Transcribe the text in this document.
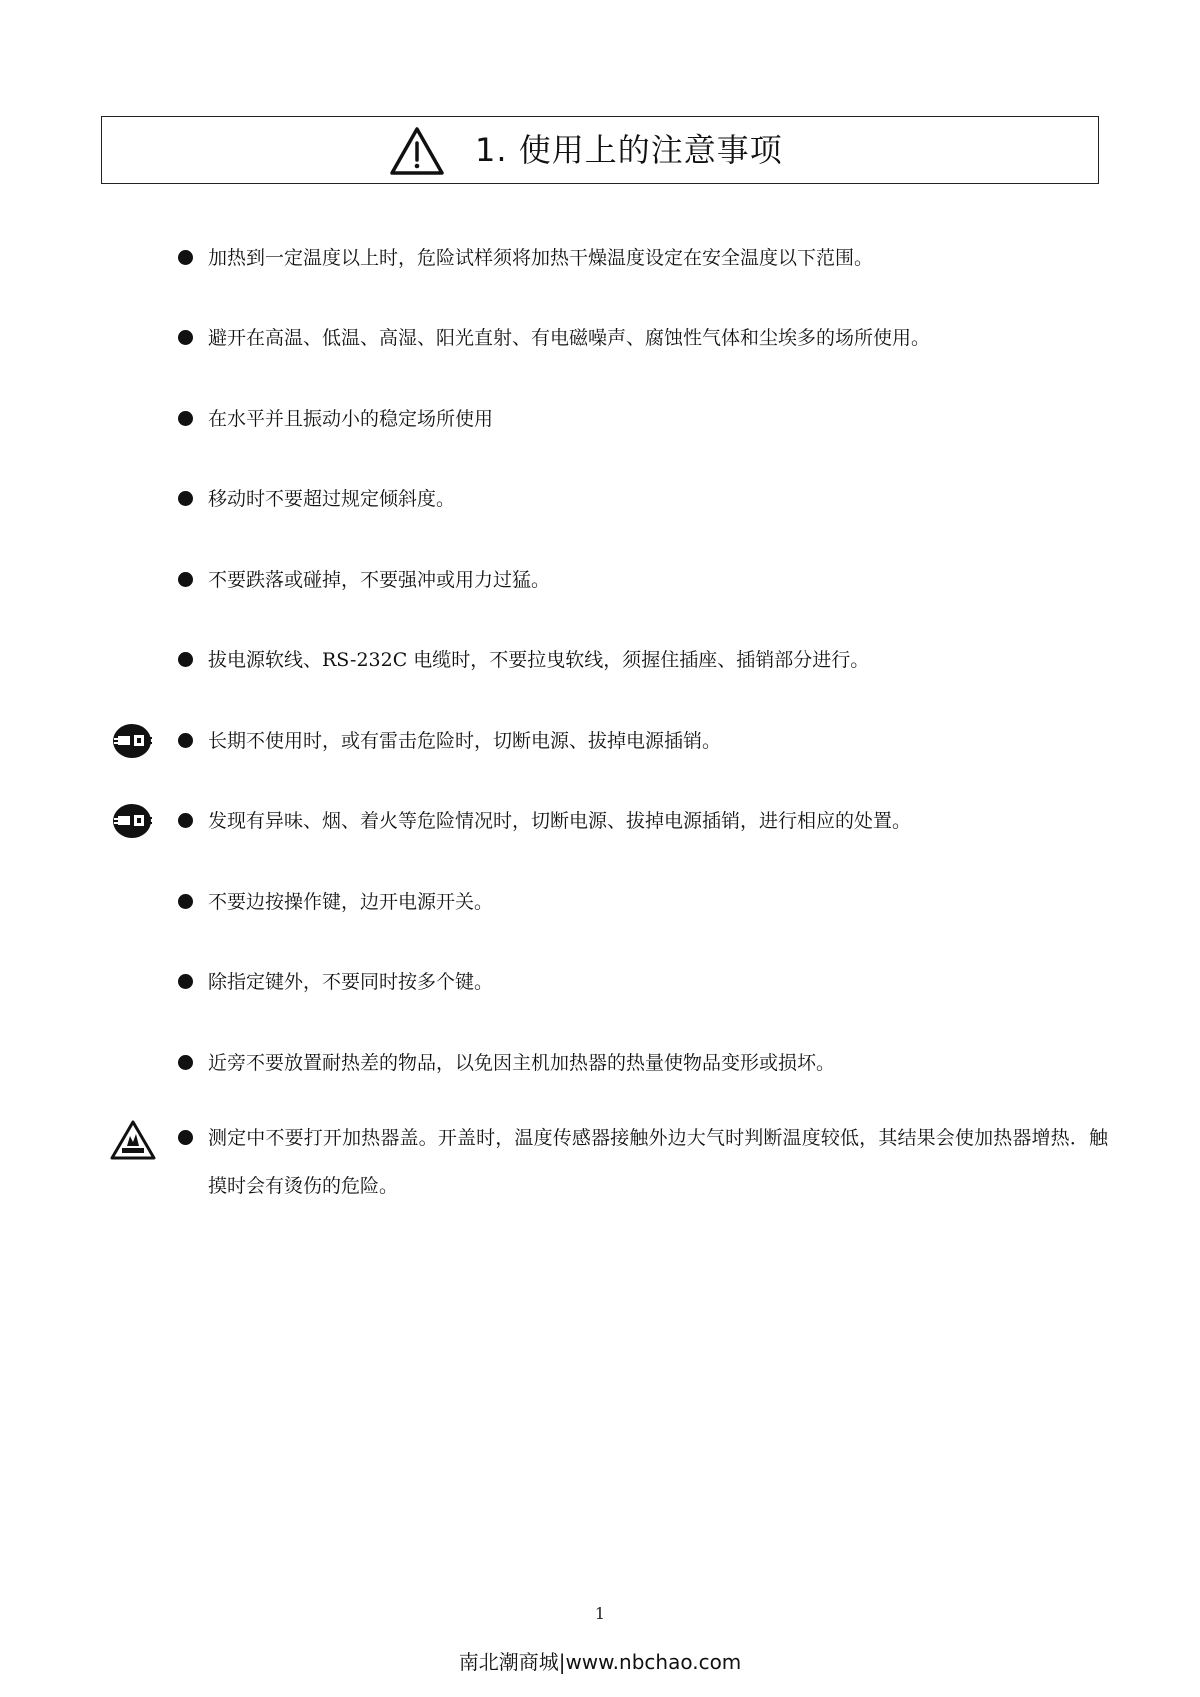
1. 使用上的注意事项
加热到一定温度以上时，危险试样须将加热干燥温度设定在安全温度以下范围。
避开在高温、低温、高湿、阳光直射、有电磁噪声、腐蚀性气体和尘埃多的场所使用。
在水平并且振动小的稳定场所使用
移动时不要超过规定倾斜度。
不要跌落或碰掉，不要强冲或用力过猛。
拔电源软线、RS-232C 电缆时，不要拉曳软线，须握住插座、插销部分进行。
长期不使用时，或有雷击危险时，切断电源、拔掉电源插销。
发现有异味、烟、着火等危险情况时，切断电源、拔掉电源插销，进行相应的处置。
不要边按操作键，边开电源开关。
除指定键外，不要同时按多个键。
近旁不要放置耐热差的物品，以免因主机加热器的热量使物品变形或损坏。
测定中不要打开加热器盖。开盖时，温度传感器接触外边大气时判断温度较低，其结果会使加热器增热．触摸时会有烫伤的危险。
1
南北潮商城|www.nbchao.com
